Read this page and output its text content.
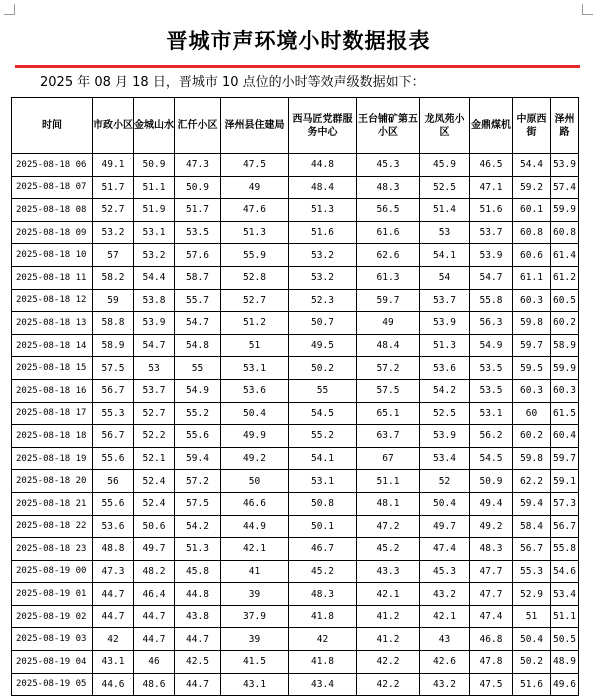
晋城市声环境小时数据报表
2025 年 08 月 18 日，晋城市 10 点位的小时等效声级数据如下：
时间	市政小区	金城山水	汇仟小区	泽州县住建局	西马匠党群服务中心	王台铺矿第五小区	龙凤苑小区	金鼎煤机	中原西街	泽州路
2025-08-18 06	49.1	50.9	47.3	47.5	44.8	45.3	45.9	46.5	54.4	53.9
2025-08-18 07	51.7	51.1	50.9	49	48.4	48.3	52.5	47.1	59.2	57.4
2025-08-18 08	52.7	51.9	51.7	47.6	51.3	56.5	51.4	51.6	60.1	59.9
2025-08-18 09	53.2	53.1	53.5	51.3	51.6	61.6	53	53.7	60.8	60.8
2025-08-18 10	57	53.2	57.6	55.9	53.2	62.6	54.1	53.9	60.6	61.4
2025-08-18 11	58.2	54.4	58.7	52.8	53.2	61.3	54	54.7	61.1	61.2
2025-08-18 12	59	53.8	55.7	52.7	52.3	59.7	53.7	55.8	60.3	60.5
2025-08-18 13	58.8	53.9	54.7	51.2	50.7	49	53.9	56.3	59.8	60.2
2025-08-18 14	58.9	54.7	54.8	51	49.5	48.4	51.3	54.9	59.7	58.9
2025-08-18 15	57.5	53	55	53.1	50.2	57.2	53.6	53.5	59.5	59.9
2025-08-18 16	56.7	53.7	54.9	53.6	55	57.5	54.2	53.5	60.3	60.3
2025-08-18 17	55.3	52.7	55.2	50.4	54.5	65.1	52.5	53.1	60	61.5
2025-08-18 18	56.7	52.2	55.6	49.9	55.2	63.7	53.9	56.2	60.2	60.4
2025-08-18 19	55.6	52.1	59.4	49.2	54.1	67	53.4	54.5	59.8	59.7
2025-08-18 20	56	52.4	57.2	50	53.1	51.1	52	50.9	62.2	59.1
2025-08-18 21	55.6	52.4	57.5	46.6	50.8	48.1	50.4	49.4	59.4	57.3
2025-08-18 22	53.6	50.6	54.2	44.9	50.1	47.2	49.7	49.2	58.4	56.7
2025-08-18 23	48.8	49.7	51.3	42.1	46.7	45.2	47.4	48.3	56.7	55.8
2025-08-19 00	47.3	48.2	45.8	41	45.2	43.3	45.3	47.7	55.3	54.6
2025-08-19 01	44.7	46.4	44.8	39	48.3	42.1	43.2	47.7	52.9	53.4
2025-08-19 02	44.7	44.7	43.8	37.9	41.8	41.2	42.1	47.4	51	51.1
2025-08-19 03	42	44.7	44.7	39	42	41.2	43	46.8	50.4	50.5
2025-08-19 04	43.1	46	42.5	41.5	41.8	42.2	42.6	47.8	50.2	48.9
2025-08-19 05	44.6	48.6	44.7	43.1	43.4	42.2	43.2	47.5	51.6	49.6
